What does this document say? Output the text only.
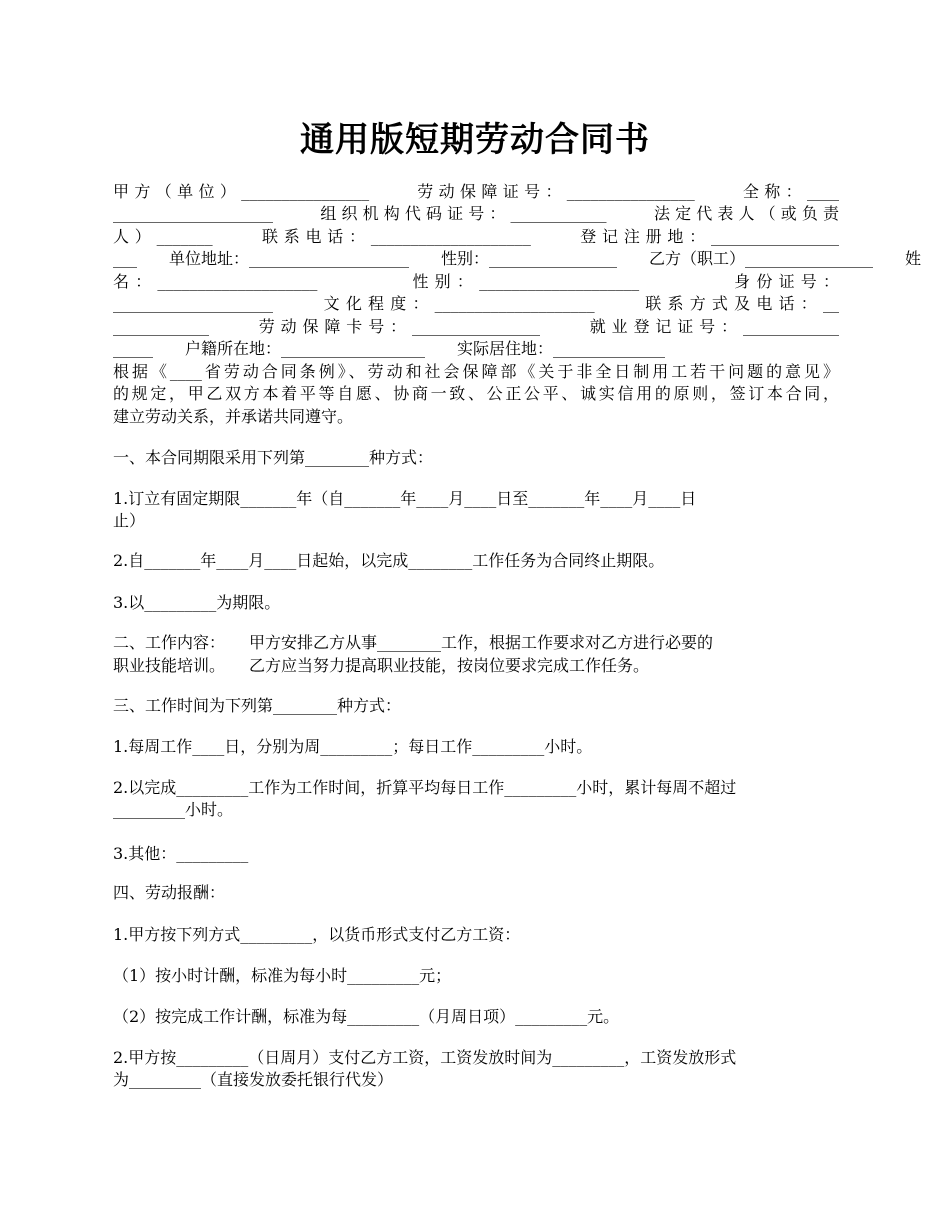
通用版短期劳动合同书
甲方（单位）________________　　劳动保障证号：________________　　全称：____
____________________　　组织机构代码证号：____________　　法定代表人（或负责
人）_______　　联系电话：____________________　　登记注册地：________________
___　　单位地址：____________________　　性别：________________　　乙方（职工）________________　　姓
名：____________________　　　　性别：____________________　　　　身份证号：
____________________　　文化程度：____________________　　联系方式及电话：__
____________　　劳动保障卡号：________________　　就业登记证号：____________
_____　　户籍所在地：__________________　　实际居住地：______________
根据《____省劳动合同条例》、劳动和社会保障部《关于非全日制用工若干问题的意见》
的规定，甲乙双方本着平等自愿、协商一致、公正公平、诚实信用的原则，签订本合同，
建立劳动关系，并承诺共同遵守。
一、本合同期限采用下列第________种方式：
1.订立有固定期限_______年（自_______年____月____日至_______年____月____日
止）
2.自_______年____月____日起始，以完成________工作任务为合同终止期限。
3.以_________为期限。
二、工作内容：　　甲方安排乙方从事________工作，根据工作要求对乙方进行必要的
职业技能培训。　　乙方应当努力提高职业技能，按岗位要求完成工作任务。
三、工作时间为下列第________种方式：
1.每周工作____日，分别为周_________；每日工作_________小时。
2.以完成_________工作为工作时间，折算平均每日工作_________小时，累计每周不超过
_________小时。
3.其他：_________
四、劳动报酬：
1.甲方按下列方式_________，以货币形式支付乙方工资：
（1）按小时计酬，标准为每小时_________元；
（2）按完成工作计酬，标准为每_________（月周日项）_________元。
2.甲方按_________（日周月）支付乙方工资，工资发放时间为_________，工资发放形式
为_________（直接发放委托银行代发）
